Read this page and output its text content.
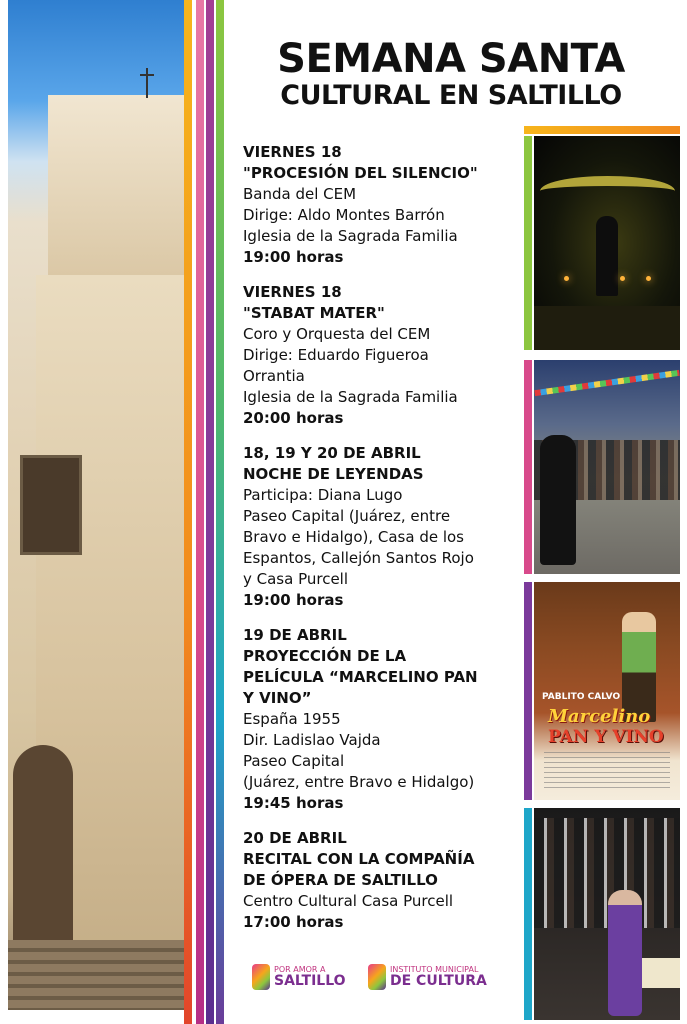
SEMANA SANTA
CULTURAL EN SALTILLO
VIERNES 18
"PROCESIÓN DEL SILENCIO"
Banda del CEM
Dirige: Aldo Montes Barrón
Iglesia de la Sagrada Familia
19:00 horas
VIERNES 18
"STABAT MATER"
Coro y Orquesta del CEM
Dirige: Eduardo Figueroa
Orrantia
Iglesia de la Sagrada Familia
20:00 horas
18, 19 Y 20 DE ABRIL
NOCHE DE LEYENDAS
Participa: Diana Lugo
Paseo Capital (Juárez, entre
Bravo e Hidalgo), Casa de los
Espantos, Callejón Santos Rojo
y Casa Purcell
19:00 horas
19 DE ABRIL
PROYECCIÓN DE LA
PELÍCULA “MARCELINO PAN
Y VINO”
España 1955
Dir. Ladislao Vajda
Paseo Capital
(Juárez, entre Bravo e Hidalgo)
19:45 horas
20 DE ABRIL
RECITAL CON LA COMPAÑÍA
DE ÓPERA DE SALTILLO
Centro Cultural Casa Purcell
17:00 horas
PABLITO CALVO
Marcelino
PAN Y VINO
POR AMOR A
SALTILLO
INSTITUTO MUNICIPAL
DE CULTURA
